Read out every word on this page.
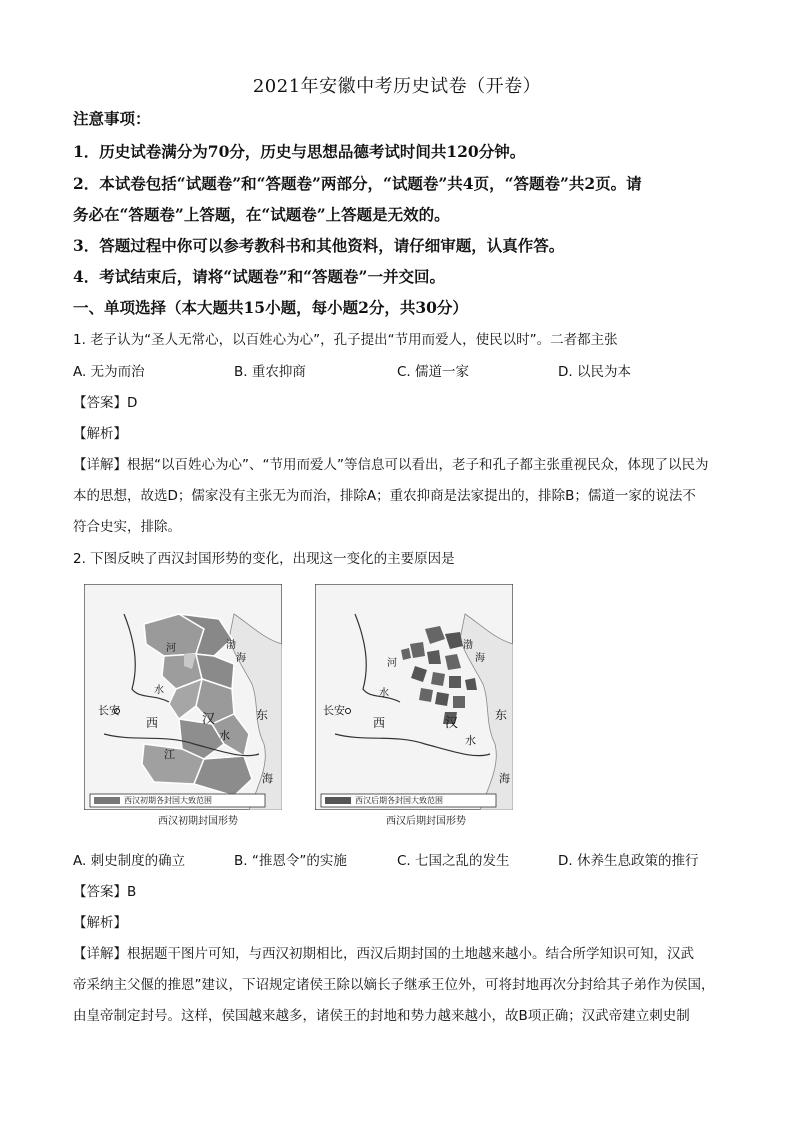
2021年安徽中考历史试卷（开卷）
注意事项：
1．历史试卷满分为70分，历史与思想品德考试时间共120分钟。
2．本试卷包括“试题卷”和“答题卷”两部分，“试题卷”共4页，“答题卷”共2页。请
务必在“答题卷”上答题，在“试题卷”上答题是无效的。
3．答题过程中你可以参考教科书和其他资料，请仔细审题，认真作答。
4．考试结束后，请将“试题卷”和“答题卷”一并交回。
一、单项选择（本大题共15小题，每小题2分，共30分）
1. 老子认为“圣人无常心，以百姓心为心”，孔子提出“节用而爱人，使民以时”。二者都主张
A. 无为而治	B. 重农抑商	C. 儒道一家	D. 以民为本
【答案】D
【解析】
【详解】根据“以百姓心为心”、“节用而爱人”等信息可以看出，老子和孔子都主张重视民众，体现了以民为
本的思想，故选D；儒家没有主张无为而治，排除A；重农抑商是法家提出的，排除B；儒道一家的说法不
符合史实，排除。
2. 下图反映了西汉封国形势的变化，出现这一变化的主要原因是
河
水
渤
海
长安
西	汉	东
江
水
海
西汉初期各封国大致范围
西汉初期封国形势
河
水
渤
海
长安
西	汉
东
水
海
西汉后期各封国大致范围
西汉后期封国形势
A. 刺史制度的确立	B. “推恩令”的实施	C. 七国之乱的发生	D. 休养生息政策的推行
【答案】B
【解析】
【详解】根据题干图片可知，与西汉初期相比，西汉后期封国的土地越来越小。结合所学知识可知，汉武
帝采纳主父偃的推恩”建议，下诏规定诸侯王除以嫡长子继承王位外，可将封地再次分封给其子弟作为侯国，
由皇帝制定封号。这样，侯国越来越多，诸侯王的封地和势力越来越小，故B项正确；汉武帝建立刺史制
